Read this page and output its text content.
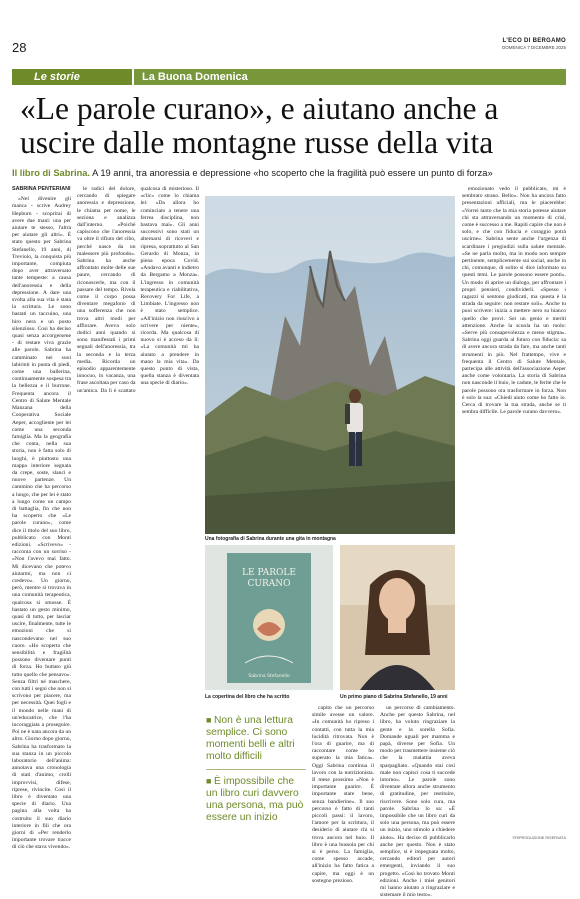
28	L'ECO DI BERGAMO
DOMENICA 7 DICEMBRE 2025
Le storie	La Buona Domenica
«Le parole curano», e aiutano anche a uscire dalle montagne russe della vita
Il libro di Sabrina. A 19 anni, tra anoressia e depressione «ho scoperto che la fragilità può essere un punto di forza»

SABRINA PENTERIANI

«Nel divenire gli manca - scrive Audrey Hepburn - scoprirai di avere due mani: una per aiutare te stesso, l'altra per aiutare gli altri». È stato questo per Sabrina Stefanello, 19 anni, di Treviolo, la conquista più importante, compiuta dopo aver attraversato tante tempeste: a causa dell'anoressia e della depressione. A dare una svolta alla sua vita è stata la scrittura. Le sono bastati un taccuino, una biro nera e un posto silenzioso. Così ha deciso quasi senza accorgersene - di restare viva grazie alle parole. Sabrina ha camminato nei suoi labirinti in punta di piedi, come una ballerina, continuamente sospesa tra la bellezza e il burrone. Frequenta ancora il Centro di Salute Mentale Manzana della Cooperativa Sociale Aeper, accogliente per lei come una seconda famiglia. Ma la geografia che conta, nella sua storia, non è fatta solo di luoghi, è piuttosto una mappa interiore segnata da crepe, soste, slanci e nuove partenze. Un cammino che ha percorso a lungo, che per lei è stato a lungo come un campo di battaglia, fin che non ha scoperto che «Le parole curano», come dice il titolo del suo libro, pubblicato con Monti edizioni. «Scrivevo» - racconta con un sorriso - «Non l'avevo mai fatto. Mi dicevano che potevo aiutarmi, ma non ci credevo». Un giorno, però, mentre si trovava in una comunità terapeutica, qualcosa si smosse. È bastato un gesto minimo, quasi di tutto, per lasciar uscire, finalmente, tutte le emozioni che si nascondevano nel suo cuore. «Ho scoperto che sensibilità e fragilità possono diventare punti di forza. Ho buttato giù tutto quello che pensavo». Senza filtri né maschere, con tutti i segni che non si scrivono per piacere, ma per necessità. Quei fogli e il mondo nelle mani di un'educatrice, che l'ha incoraggiata a proseguire. Poi ne è nata ancora da un altro. Giorno dopo giorno, Sabrina ha trasformato la sua stanza in un piccolo laboratorio dell'anima: annotava una cronologia di stati d'animo, crolli improvvisi, difese, riprese, rivincite. Così il libro è diventato una specie di diario. Una pagina alla volta ha costruito il suo diario interiore in fili che ora giorni di «Per renderlo importante trovare tracce di ciò che stava vivendo».

le radici del dolore, cercando di spiegare anoressia e depressione, le chiama per nome, le seziona e analizza dall'interno. «Poichè capiscono che l'anoressia va oltre il rifiuto del cibo, perché nasce da un malessere più profondo». Sabrina ha anche affrontato molte delle sue paure, cercando di riconoscerle, ma con il passare del tempo. Rivela come il corpo possa diventare megafono di una sofferenza che non trova altri modi per affiorare. Aveva solo dodici anni quando si sono manifestati i primi segnali dell'anoressia, tra la seconda e la terza media. Ricorda un episodio apparentemente innocuo, in vacanza, una frase ascoltata per caso da un'amica. Da lì è scattato qualcosa di misterioso. Il «clic» come lo chiama lei: «Da allora ho cominciato a tenere una ferrea disciplina, non bastava mai». Gli anni successivi sono stati un alternarsi di ricoveri e ripresa, soprattutto al San Gerardo di Monza, in piena epoca Covid. «Andavo avanti e indietro da Bergamo a Monza». L'ingresso in comunità terapeutica e riabilitativa, Recovery For Life, a Limbiate. L'ingresso non è stato semplice. «All'inizio non riuscivo a scrivere per niente», ricorda. Ma qualcosa di nuovo si è acceso da lì: «La comunità mi ha aiutato a prendere in mano la mia vita». Da questo punto di vista, quella stanza è diventata una specie di diario».

Una fotografia di Sabrina durante una gita in montagna
LE PAROLE
CURANO
Sabrina Stefanello
La copertina del libro che ha scritto	Un primo piano di Sabrina Stefanello, 19 anni
■ Non è una lettura semplice. Ci sono momenti belli e altri molto difficili
■ È impossibile che un libro curi davvero una persona, ma può essere un inizio

capito che un percorso simile avesse un valore. «In comunità ho ripreso i contatti, con tutta la mia lucidità ritrovata. Non è l'ora di guarire, ma di raccontare come ho superato la mia fatica». Oggi Sabrina continua il lavoro con la nutrizionista. Il mese prossimo «Non è importante guarire. È importante stare bene, senza bandierine». Il suo percorso è fatto di tanti piccoli passi: il lavoro, l'amore per la scrittura, il desiderio di aiutare chi si trova ancora nel buio. Il libro è una bussola per chi si è perso. La famiglia, come spesso accade, all'inizio ha fatto fatica a capire, ma oggi è un sostegno prezioso.

un percorso di cambiamento. Anche per questo Sabrina, nel libro, ha voluto ringraziare la gente e la sorella Sofia. Domande uguali per mamma e papà, diverse per Sofia. Un modo per trasmettere insieme ciò che la malattia aveva sparpagliato. «Quando stai così male non capisci cosa ti succede intorno». Le parole sono diventate allora anche strumento di gratitudine, per restituire, riscrivere. Sono solo cura, ma parole. Sabrina lo sa: «È impossibile che un libro curi da solo una persona, ma può essere un inizio, uno stimolo a chiedere aiuto». Ha deciso di pubblicarlo anche per questo. Non è stato semplice, si è impegnata molto, cercando editori per autori emergenti, inviando il suo progetto. «Così ho trovato Monti edizioni. Anche i miei genitori mi hanno aiutato a ringraziare e sistemare il mio testo».

emozionato vedo il pubblicato, mi è sembrato strano. Bello». Non ha ancora fatto presentazioni ufficiali, ma le piacerebbe: «Vorrei tanto che la mia storia potesse aiutare chi sta attraversando un momento di crisi, come è successo a me. Rapiti capire che non è solo, e che con fiducia e coraggio potrà uscirne». Sabrina sente anche l'urgenza di scardinare i pregiudizi sulla salute mentale. «Se ne parla molto, ma in modo non sempre pertinente, semplicemente sui social, anche in chi, comunque, di solito si dice informato su questi temi. Le parole possono essere ponti». Un modo di aprire un dialogo, per affrontare i propri pensieri, condividerli. «Spesso i ragazzi si sentono giudicati, ma questa è la strada da seguire: non restare soli». Anche tu puoi scrivere: inizia a mettere nero su bianco quello che provi. Sei un genio e meriti attenzione. Anche la scuola ha un ruolo: «Serve più consapevolezza e meno stigma». Sabrina oggi guarda al futuro con fiducia: sa di avere ancora strada da fare, ma anche tanti strumenti in più. Nel frattempo, vive e frequenta il Centro di Salute Mentale, partecipa alle attività dell'associazione Aeper anche come volontaria. La storia di Sabrina non nasconde il buio, le cadute, le ferite che le parole possono ora trasformare in forza. Non è solo la sua: «Chiedi aiuto come ho fatto io. Cerca di trovare la tua strada, anche se ti sembra difficile. Le parole curano davvero».

©RIPRODUZIONE RISERVATA
